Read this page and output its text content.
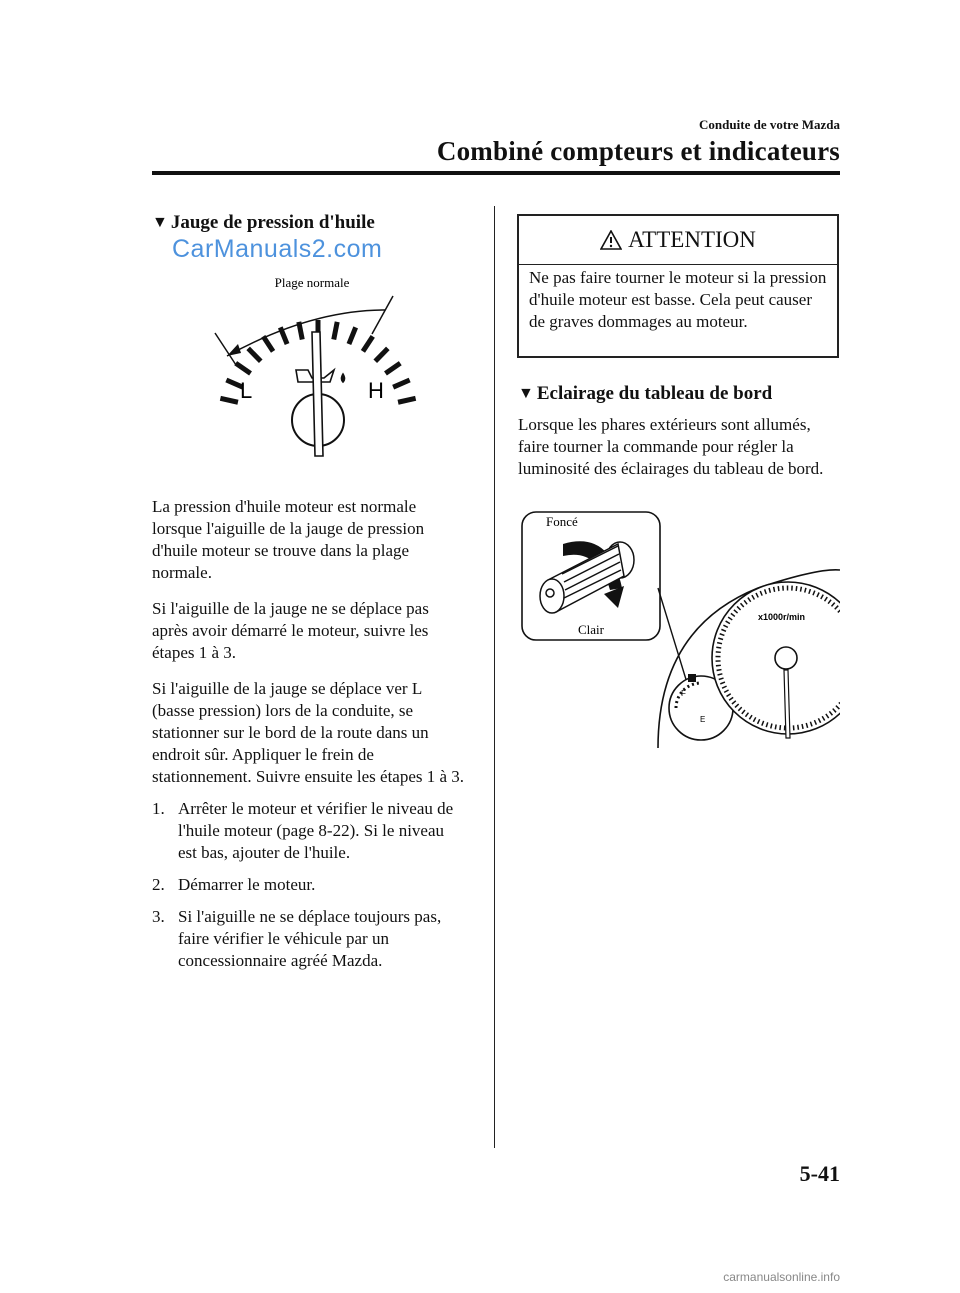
Conduite de votre Mazda
Combiné compteurs et indicateurs
▼ Jauge de pression d'huile
CarManuals2.com
Plage normale
L	H

La pression d'huile moteur est normale lorsque l'aiguille de la jauge de pression d'huile moteur se trouve dans la plage normale.

Si l'aiguille de la jauge ne se déplace pas après avoir démarré le moteur, suivre les étapes 1 à 3.

Si l'aiguille de la jauge se déplace ver L (basse pression) lors de la conduite, se stationner sur le bord de la route dans un endroit sûr. Appliquer le frein de stationnement. Suivre ensuite les étapes 1 à 3.

1. Arrêter le moteur et vérifier le niveau de l'huile moteur (page 8-22). Si le niveau est bas, ajouter de l'huile.
2. Démarrer le moteur.
3. Si l'aiguille ne se déplace toujours pas, faire vérifier le véhicule par un concessionnaire agréé Mazda.
ATTENTION
Ne pas faire tourner le moteur si la pression d'huile moteur est basse. Cela peut causer de graves dommages au moteur.
▼ Eclairage du tableau de bord

Lorsque les phares extérieurs sont allumés, faire tourner la commande pour régler la luminosité des éclairages du tableau de bord.

Foncé
Clair
F
E
x1000r/min
5-41
carmanualsonline.info
